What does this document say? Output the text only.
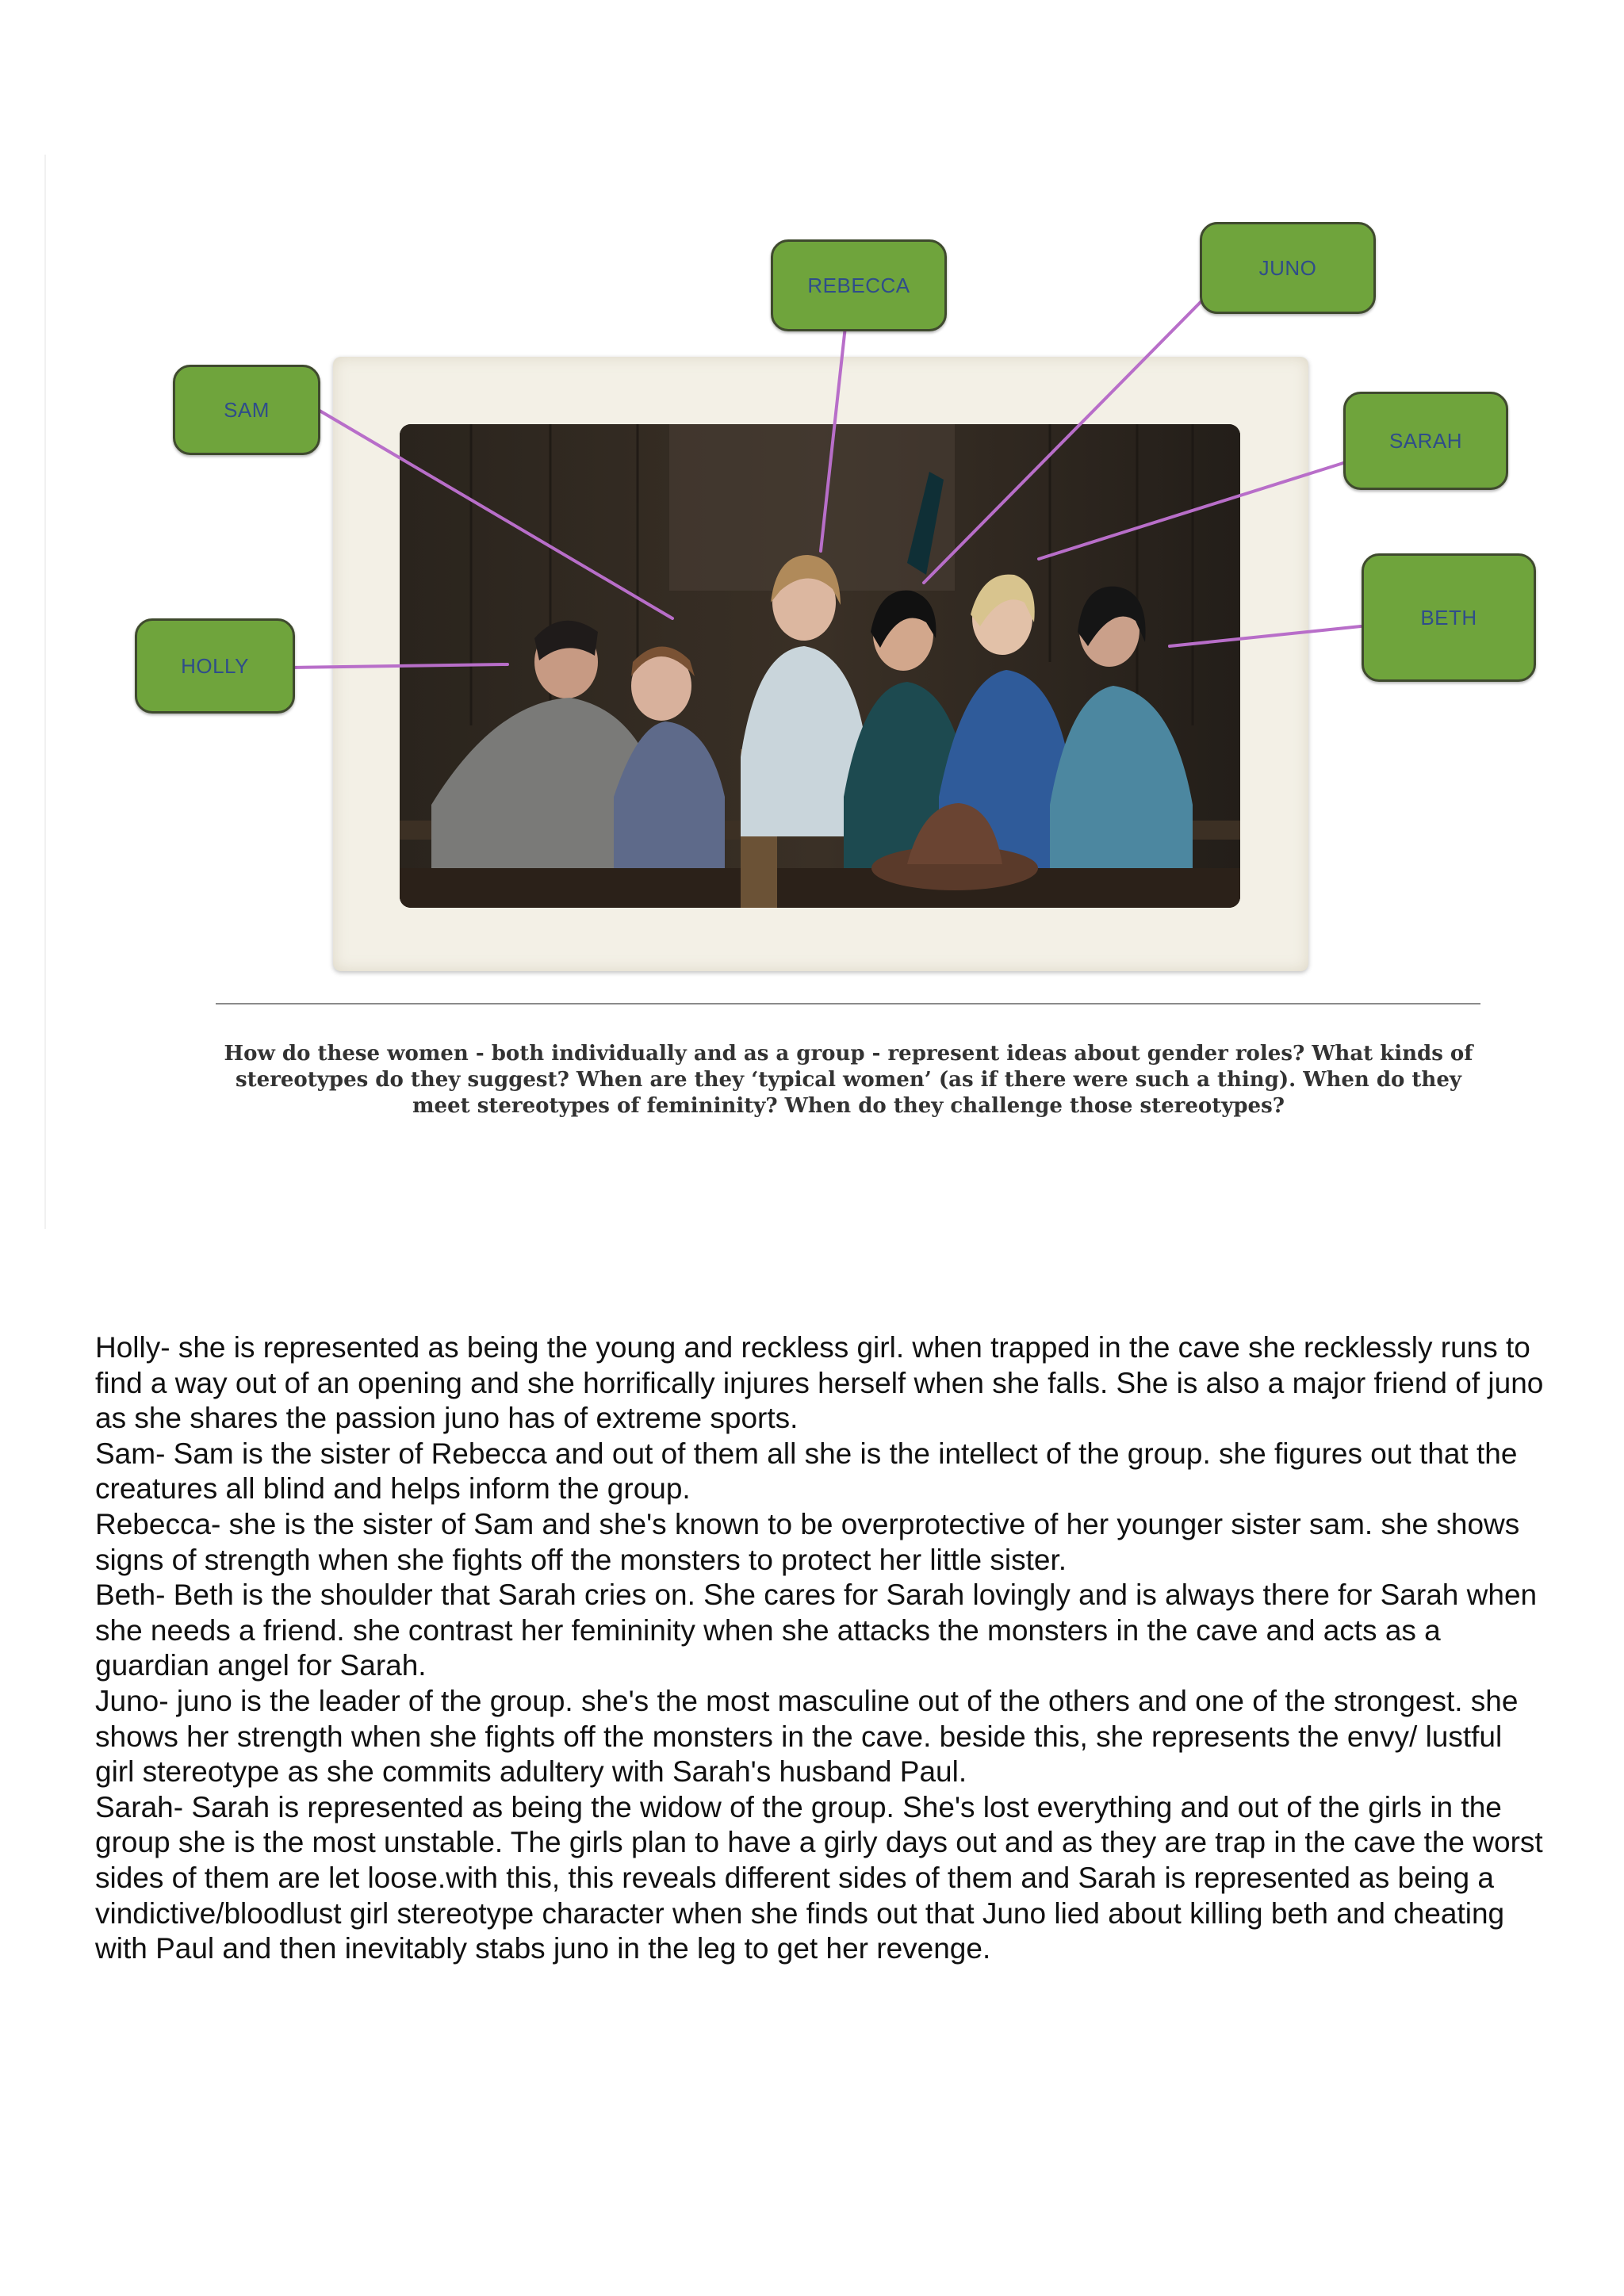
SAM
REBECCA
JUNO
SARAH
BETH
HOLLY
How do these women - both individually and as a group - represent ideas about gender roles? What kinds of stereotypes do they suggest? When are they ‘typical women’ (as if there were such a thing). When do they meet stereotypes of femininity? When do they challenge those stereotypes?

Holly- she is represented as being the young and reckless girl. when trapped in the cave she recklessly runs to find a way out of an opening and she horrifically injures herself when she falls. She is also a major friend of juno as she shares the passion juno has of extreme sports.

Sam- Sam is the sister of Rebecca and out of them all she is the intellect of the group. she figures out that the creatures all blind and helps inform the group.

Rebecca- she is the sister of Sam and she's known to be overprotective of her younger sister sam. she shows signs of strength when she fights off the monsters to protect her little sister.

Beth- Beth is the shoulder that Sarah cries on. She cares for Sarah lovingly and is always there for Sarah when she needs a friend. she contrast her femininity when she attacks the monsters in the cave and acts as a guardian angel for Sarah.

Juno- juno is the leader of the group. she's the most masculine out of the others and one of the strongest. she shows her strength when she fights off the monsters in the cave. beside this, she represents the envy/ lustful girl stereotype as she commits adultery with Sarah's husband Paul.

Sarah- Sarah is represented as being the widow of the group. She's lost everything and out of the girls in the group she is the most unstable. The girls plan to have a girly days out and as they are trap in the cave the worst sides of them are let loose.with this, this reveals different sides of them and Sarah is represented as being a vindictive/bloodlust girl stereotype character when she finds out that Juno lied about killing beth and cheating with Paul and then inevitably stabs juno in the leg to get her revenge.
